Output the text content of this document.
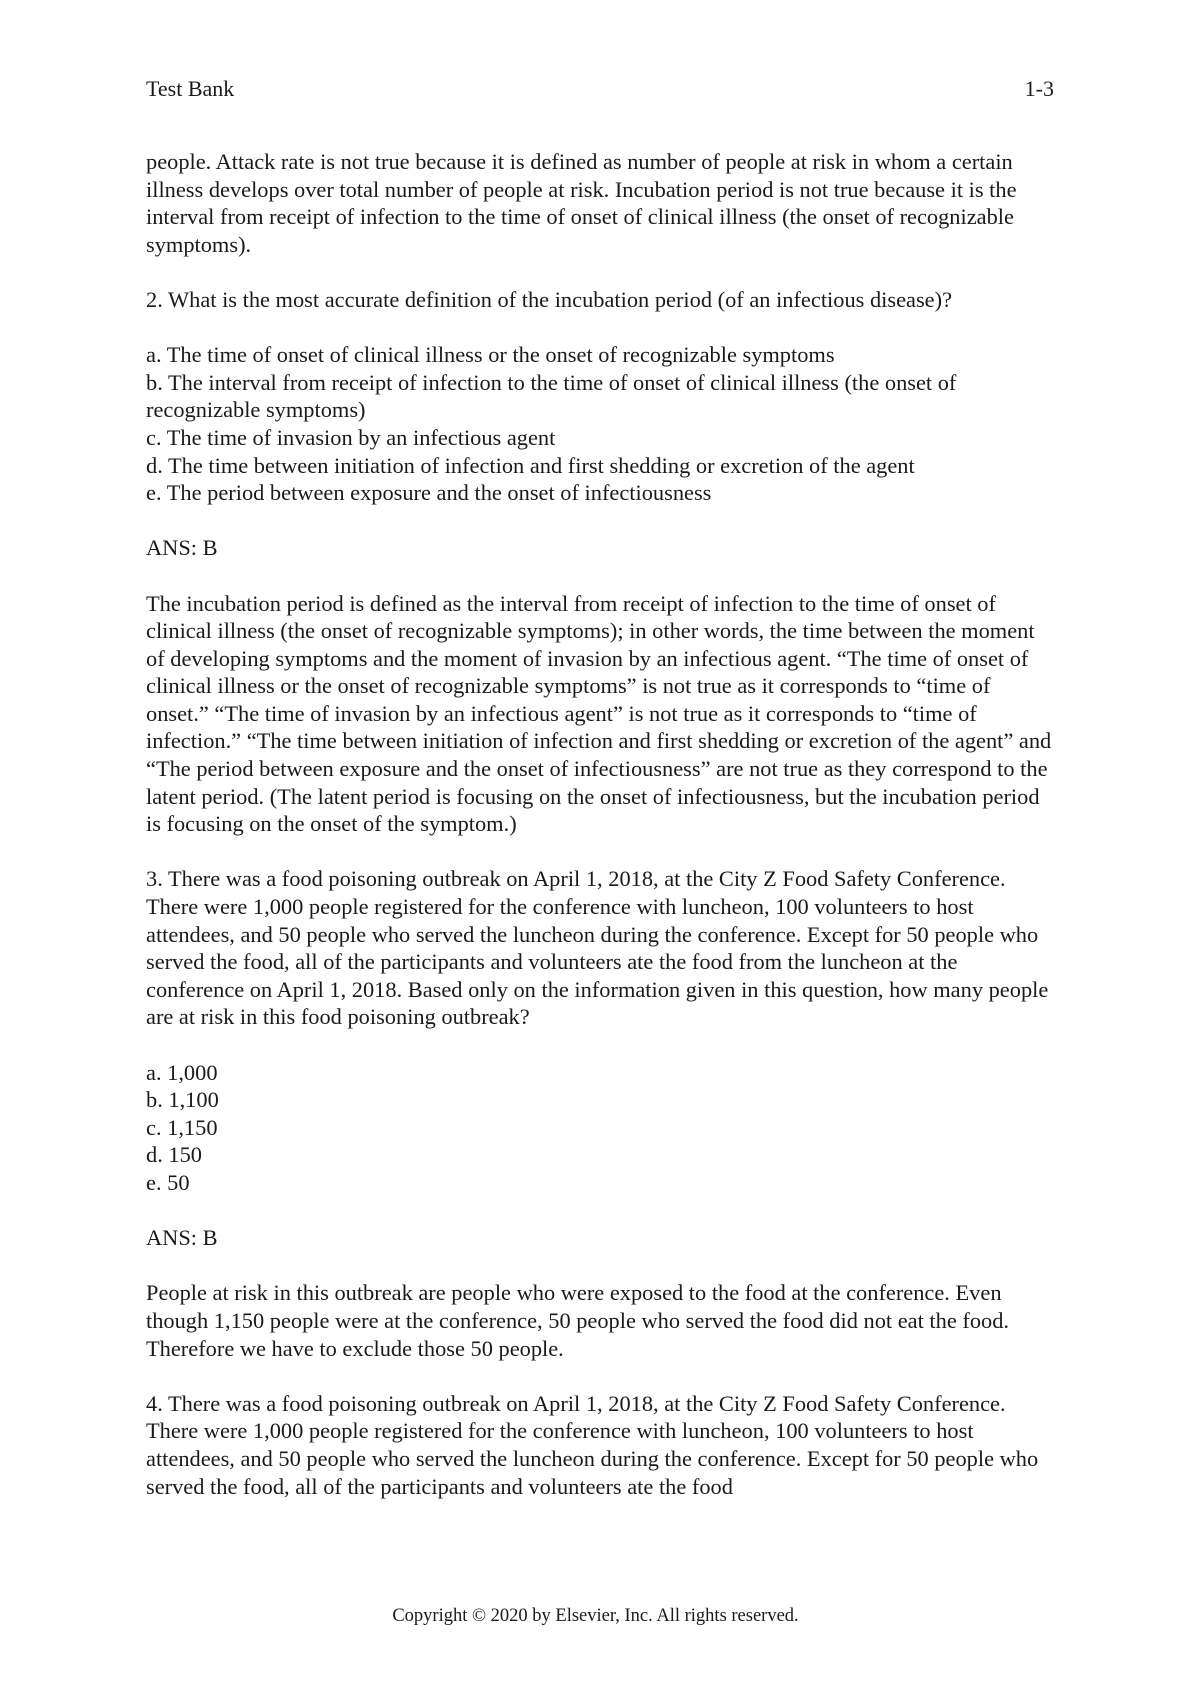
Test Bank	1-3

people. Attack rate is not true because it is defined as number of people at risk in whom a certain illness develops over total number of people at risk. Incubation period is not true because it is the interval from receipt of infection to the time of onset of clinical illness (the onset of recognizable symptoms).

2. What is the most accurate definition of the incubation period (of an infectious disease)?

a. The time of onset of clinical illness or the onset of recognizable symptoms
b. The interval from receipt of infection to the time of onset of clinical illness (the onset of recognizable symptoms)
c. The time of invasion by an infectious agent
d. The time between initiation of infection and first shedding or excretion of the agent
e. The period between exposure and the onset of infectiousness

ANS: B

The incubation period is defined as the interval from receipt of infection to the time of onset of clinical illness (the onset of recognizable symptoms); in other words, the time between the moment of developing symptoms and the moment of invasion by an infectious agent. “The time of onset of clinical illness or the onset of recognizable symptoms” is not true as it corresponds to “time of onset.” “The time of invasion by an infectious agent” is not true as it corresponds to “time of infection.” “The time between initiation of infection and first shedding or excretion of the agent” and “The period between exposure and the onset of infectiousness” are not true as they correspond to the latent period. (The latent period is focusing on the onset of infectiousness, but the incubation period is focusing on the onset of the symptom.)

3. There was a food poisoning outbreak on April 1, 2018, at the City Z Food Safety Conference. There were 1,000 people registered for the conference with luncheon, 100 volunteers to host attendees, and 50 people who served the luncheon during the conference. Except for 50 people who served the food, all of the participants and volunteers ate the food from the luncheon at the conference on April 1, 2018. Based only on the information given in this question, how many people are at risk in this food poisoning outbreak?

a. 1,000
b. 1,100
c. 1,150
d. 150
e. 50

ANS: B

People at risk in this outbreak are people who were exposed to the food at the conference. Even though 1,150 people were at the conference, 50 people who served the food did not eat the food. Therefore we have to exclude those 50 people.

4. There was a food poisoning outbreak on April 1, 2018, at the City Z Food Safety Conference. There were 1,000 people registered for the conference with luncheon, 100 volunteers to host attendees, and 50 people who served the luncheon during the conference. Except for 50 people who served the food, all of the participants and volunteers ate the food

Copyright © 2020 by Elsevier, Inc. All rights reserved.
